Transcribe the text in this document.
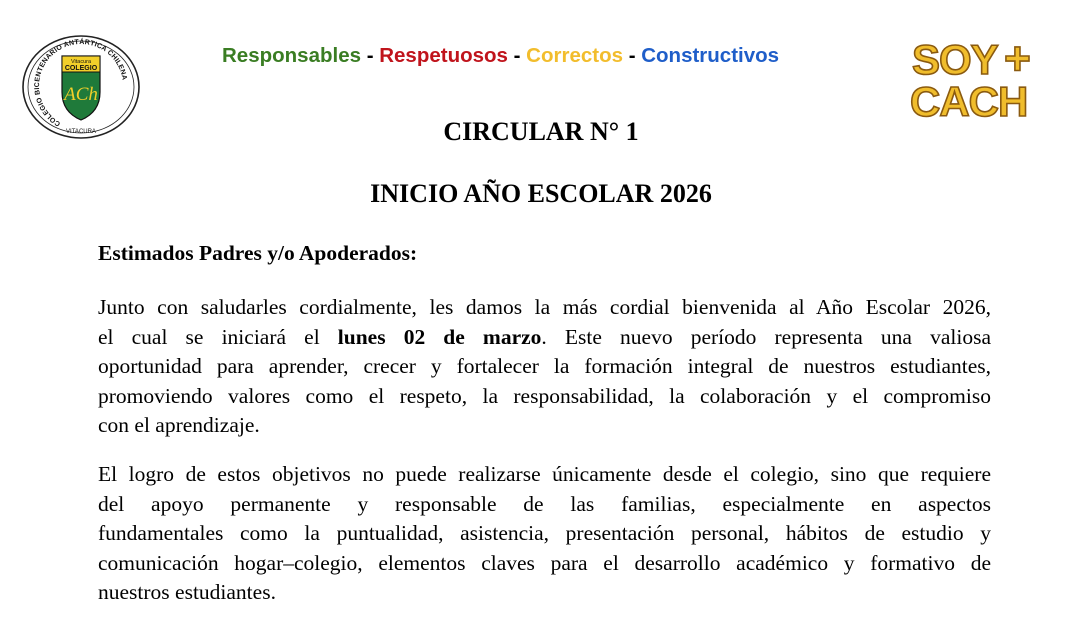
COLEGIO BICENTENARIO ANTÁRTICA CHILENA
VITACURA
Vitacura
COLEGIO
ACh
Responsables - Respetuosos - Correctos - Constructivos	SOY +
CACH
CIRCULAR N° 1
INICIO AÑO ESCOLAR 2026
Estimados Padres y/o Apoderados:
Junto con saludarles cordialmente, les damos la más cordial bienvenida al Año Escolar 2026,
el cual se iniciará el lunes 02 de marzo. Este nuevo período representa una valiosa
oportunidad para aprender, crecer y fortalecer la formación integral de nuestros estudiantes,
promoviendo valores como el respeto, la responsabilidad, la colaboración y el compromiso
con el aprendizaje.
El logro de estos objetivos no puede realizarse únicamente desde el colegio, sino que requiere
del apoyo permanente y responsable de las familias, especialmente en aspectos
fundamentales como la puntualidad, asistencia, presentación personal, hábitos de estudio y
comunicación hogar–colegio, elementos claves para el desarrollo académico y formativo de
nuestros estudiantes.
